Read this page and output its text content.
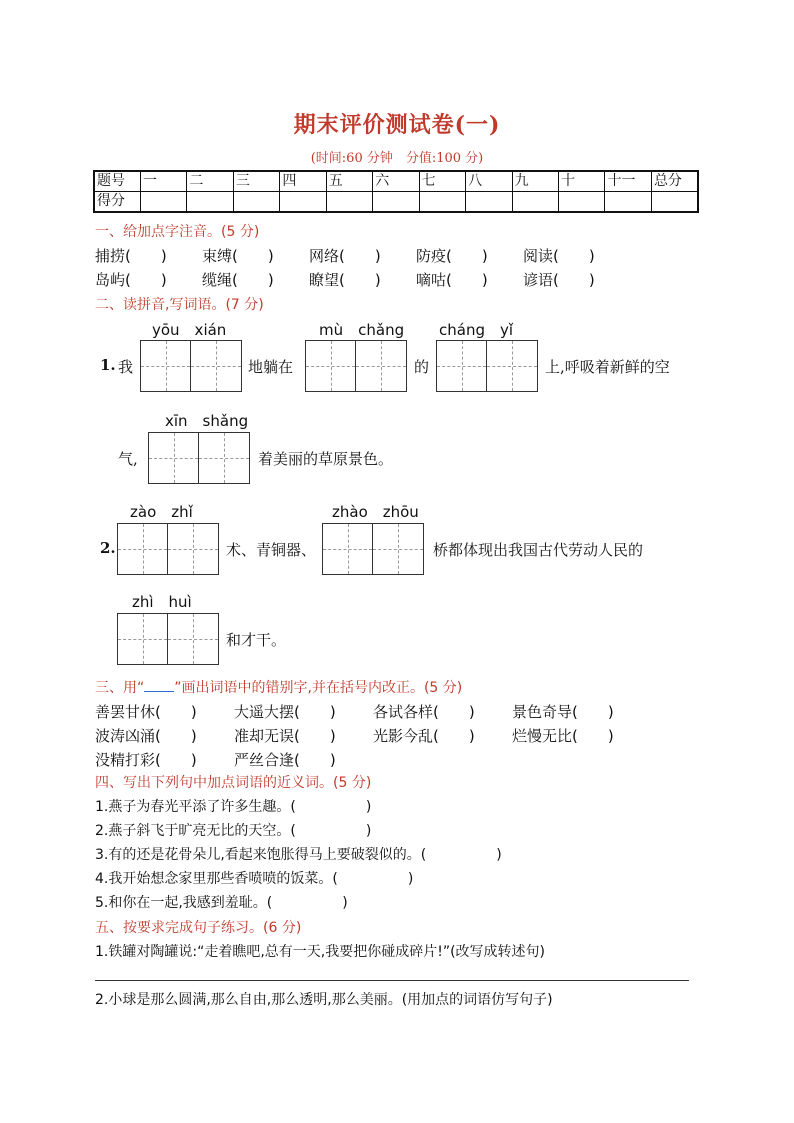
期末评价测试卷(一)
(时间:60 分钟　分值:100 分)
题号	一	二	三	四	五	六	七	八	九	十	十一	总分
得分												
一、给加点字注音。(5 分)
捕捞(　　) 束缚(　　) 网络(　　) 防疫(　　) 阅读(　　)
岛屿(　　) 缆绳(　　) 瞭望(　　) 嘀咕(　　) 谚语(　　)
二、读拼音,写词语。(7 分)
yōu　xián	mù　chǎng cháng　yǐ
1. 我	地躺在	的	上,呼吸着新鲜的空
xīn　shǎng
气,	着美丽的草原景色。
zào　zhǐ	zhào　zhōu
2.	术、青铜器、	桥都体现出我国古代劳动人民的
zhì　huì
和才干。
三、用“ ”画出词语中的错别字,并在括号内改正。(5 分)
善罢甘休(　　) 大遥大摆(　　) 各试各样(　　) 景色奇导(　　)
波涛凶涌(　　) 准却无误(　　) 光影今乱(　　) 烂慢无比(　　)
没精打彩(　　) 严丝合逢(　　)
四、写出下列句中加点词语的近义词。(5 分)
1.燕子为春光平添了许多生趣。(　　　　　)
2.燕子斜飞于旷亮无比的天空。(　　　　　)
3.有的还是花骨朵儿,看起来饱胀得马上要破裂似的。(　　　　　)
4.我开始想念家里那些香喷喷的饭菜。(　　　　　)
5.和你在一起,我感到羞耻。(　　　　　)
五、按要求完成句子练习。(6 分)
1.铁罐对陶罐说:“走着瞧吧,总有一天,我要把你碰成碎片!”(改写成转述句)
2.小球是那么圆满,那么自由,那么透明,那么美丽。(用加点的词语仿写句子)
